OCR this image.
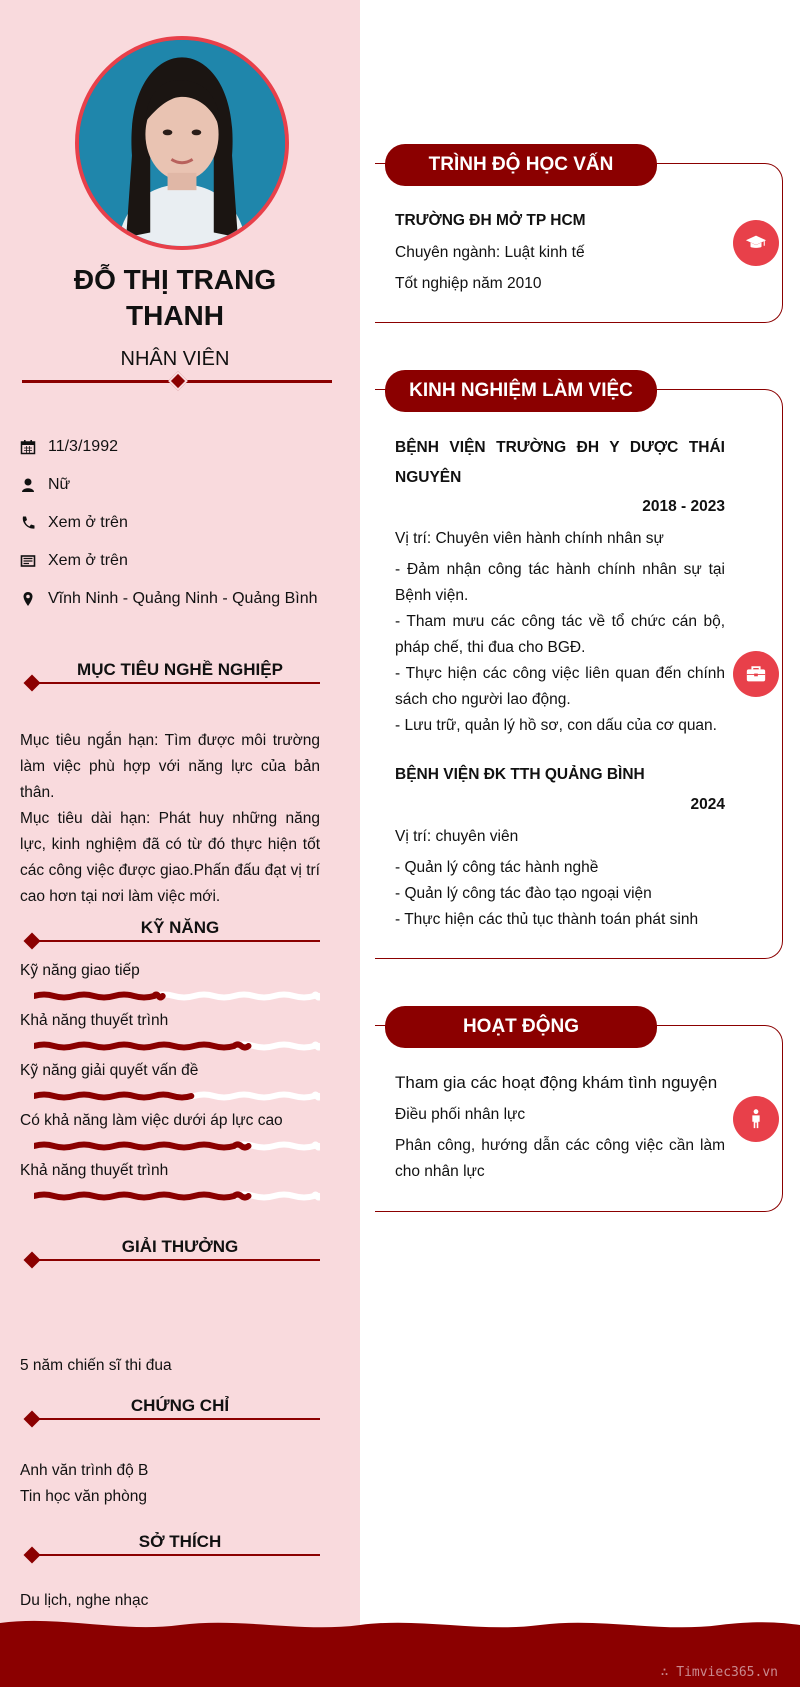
ĐỖ THỊ TRANG
THANH
NHÂN VIÊN
11/3/1992
Nữ
Xem ở trên
Xem ở trên
Vĩnh Ninh - Quảng Ninh - Quảng Bình
MỤC TIÊU NGHỀ NGHIỆP
Mục tiêu ngắn hạn: Tìm được môi trường làm việc phù hợp với năng lực của bản thân.
Mục tiêu dài hạn: Phát huy những năng lực, kinh nghiệm đã có từ đó thực hiện tốt các công việc được giao.Phấn đấu đạt vị trí cao hơn tại nơi làm việc mới.
KỸ NĂNG
Kỹ năng giao tiếp
Khả năng thuyết trình
Kỹ năng giải quyết vấn đề
Có khả năng làm việc dưới áp lực cao
Khả năng thuyết trình
GIẢI THƯỞNG
5 năm chiến sĩ thi đua
CHỨNG CHỈ
Anh văn trình độ B
Tin học văn phòng
SỞ THÍCH
Du lịch, nghe nhạc
TRÌNH ĐỘ HỌC VẤN
TRƯỜNG ĐH MỞ TP HCM
Chuyên ngành: Luật kinh tế
Tốt nghiệp năm 2010
KINH NGHIỆM LÀM VIỆC
BỆNH VIỆN TRƯỜNG ĐH Y DƯỢC THÁI NGUYÊN
2018 - 2023
Vị trí: Chuyên viên hành chính nhân sự
- Đảm nhận công tác hành chính nhân sự tại Bệnh viện.
- Tham mưu các công tác về tổ chức cán bộ, pháp chế, thi đua cho BGĐ.
- Thực hiện các công việc liên quan đến chính sách cho người lao động.
- Lưu trữ, quản lý hồ sơ, con dấu của cơ quan.
BỆNH VIỆN ĐK TTH QUẢNG BÌNH
2024
Vị trí: chuyên viên
- Quản lý công tác hành nghề
- Quản lý công tác đào tạo ngoại viện
- Thực hiện các thủ tục thành toán phát sinh
HOẠT ĐỘNG
Tham gia các hoạt động khám tình nguyện
Điều phối nhân lực
Phân công, hướng dẫn các công việc cần làm cho nhân lực
∴ Timviec365.vn
